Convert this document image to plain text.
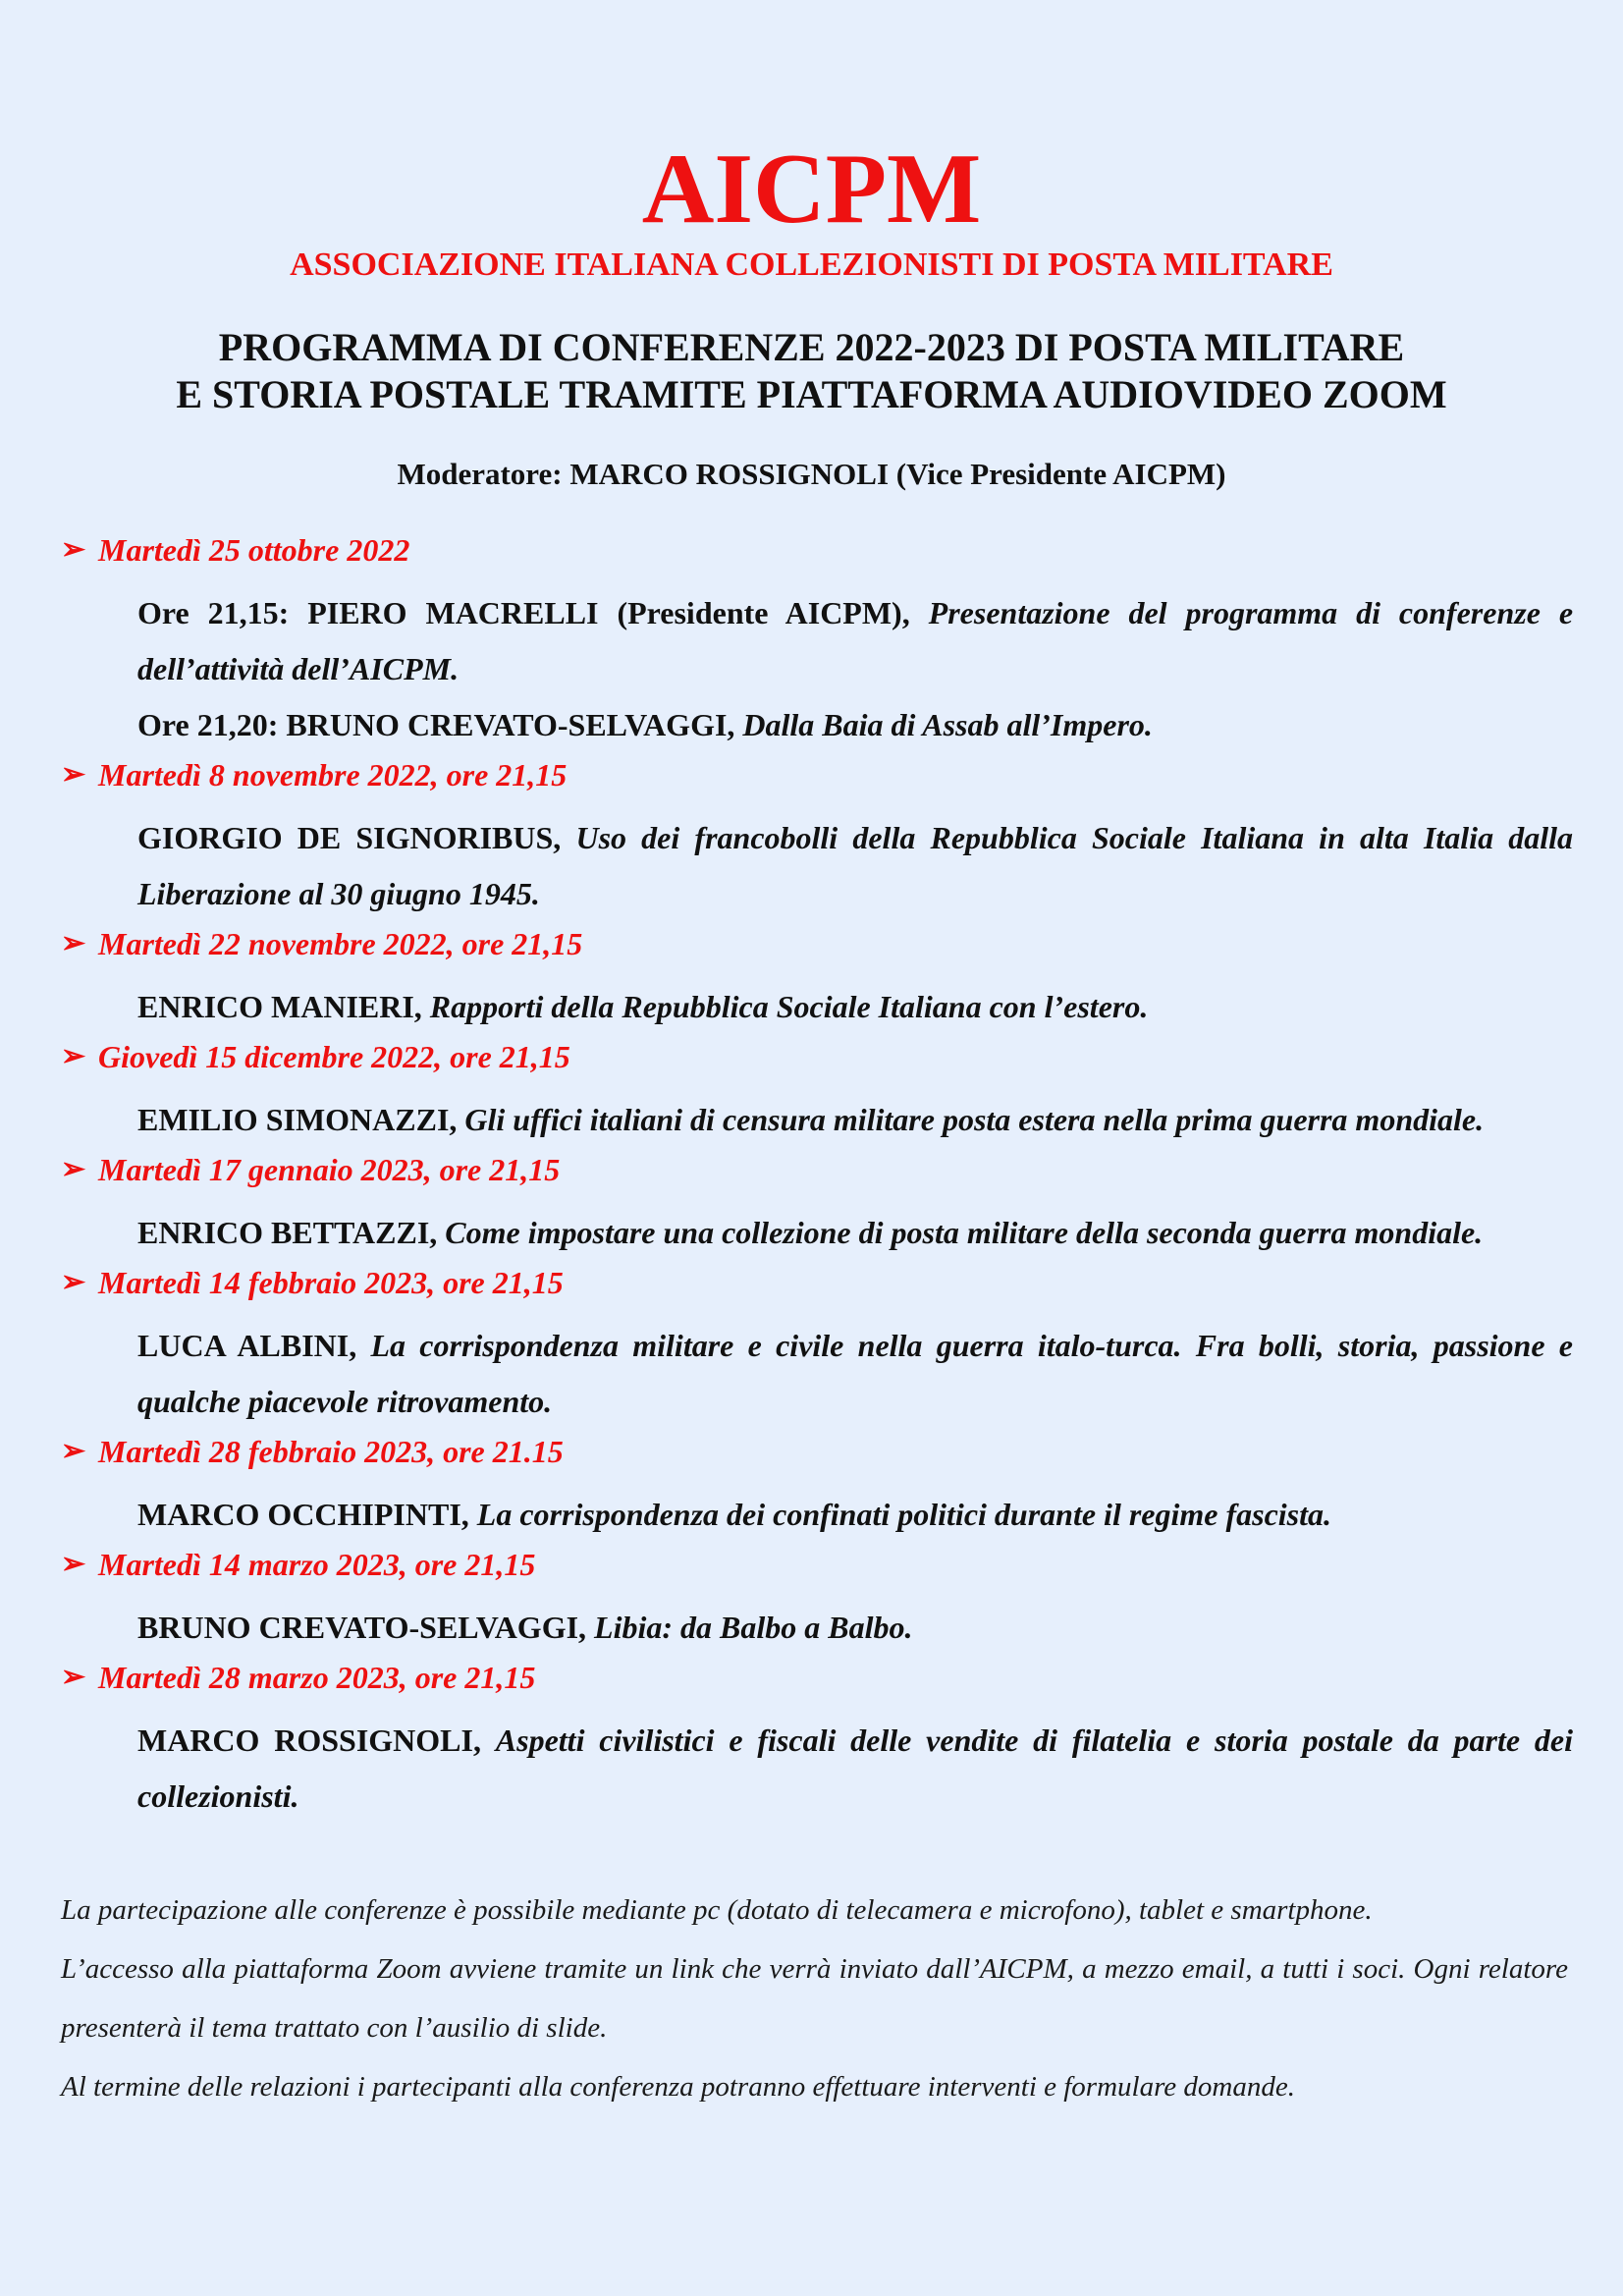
AICPM
ASSOCIAZIONE ITALIANA COLLEZIONISTI DI POSTA MILITARE
PROGRAMMA DI CONFERENZE 2022-2023 DI POSTA MILITARE
E STORIA POSTALE TRAMITE PIATTAFORMA AUDIOVIDEO ZOOM
Moderatore: MARCO ROSSIGNOLI (Vice Presidente AICPM)
➢ Martedì 25 ottobre 2022
Ore 21,15: PIERO MACRELLI (Presidente AICPM), Presentazione del programma di conferenze e dell’attività dell’AICPM.
Ore 21,20: BRUNO CREVATO-SELVAGGI, Dalla Baia di Assab all’Impero.
➢ Martedì 8 novembre 2022, ore 21,15
GIORGIO DE SIGNORIBUS, Uso dei francobolli della Repubblica Sociale Italiana in alta Italia dalla Liberazione al 30 giugno 1945.
➢ Martedì 22 novembre 2022, ore 21,15
ENRICO MANIERI, Rapporti della Repubblica Sociale Italiana con l’estero.
➢ Giovedì 15 dicembre 2022, ore 21,15
EMILIO SIMONAZZI, Gli uffici italiani di censura militare posta estera nella prima guerra mondiale.
➢ Martedì 17 gennaio 2023, ore 21,15
ENRICO BETTAZZI, Come impostare una collezione di posta militare della seconda guerra mondiale.
➢ Martedì 14 febbraio 2023, ore 21,15
LUCA ALBINI, La corrispondenza militare e civile nella guerra italo-turca. Fra bolli, storia, passione e qualche piacevole ritrovamento.
➢ Martedì 28 febbraio 2023, ore 21.15
MARCO OCCHIPINTI, La corrispondenza dei confinati politici durante il regime fascista.
➢ Martedì 14 marzo 2023, ore 21,15
BRUNO CREVATO-SELVAGGI, Libia: da Balbo a Balbo.
➢ Martedì 28 marzo 2023, ore 21,15
MARCO ROSSIGNOLI, Aspetti civilistici e fiscali delle vendite di filatelia e storia postale da parte dei collezionisti.

La partecipazione alle conferenze è possibile mediante pc (dotato di telecamera e microfono), tablet e smartphone.

L’accesso alla piattaforma Zoom avviene tramite un link che verrà inviato dall’AICPM, a mezzo email, a tutti i soci. Ogni relatore presenterà il tema trattato con l’ausilio di slide.

Al termine delle relazioni i partecipanti alla conferenza potranno effettuare interventi e formulare domande.
